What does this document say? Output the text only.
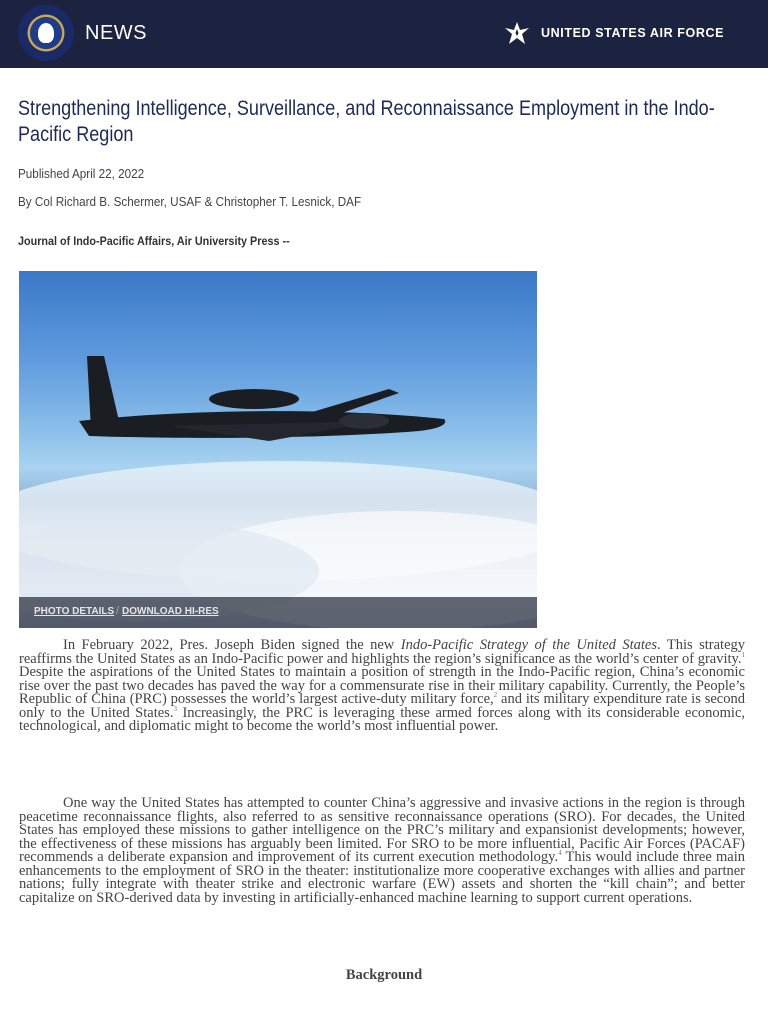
NEWS	UNITED STATES AIR FORCE
Strengthening Intelligence, Surveillance, and Reconnaissance Employment in the Indo-Pacific Region
Published April 22, 2022
By Col Richard B. Schermer, USAF & Christopher T. Lesnick, DAF
Journal of Indo-Pacific Affairs, Air University Press --
PHOTO DETAILS / DOWNLOAD HI-RES
In February 2022, Pres. Joseph Biden signed the new Indo-Pacific Strategy of the United States. This strategy reaffirms the United States as an Indo-Pacific power and highlights the region’s significance as the world’s center of gravity.$^1$ Despite the aspirations of the United States to maintain a position of strength in the Indo-Pacific region, China’s economic rise over the past two decades has paved the way for a commensurate rise in their military capability. Currently, the People’s Republic of China (PRC) possesses the world’s largest active-duty military force,$^2$ and its military expenditure rate is second only to the United States.$^3$ Increasingly, the PRC is leveraging these armed forces along with its considerable economic, technological, and diplomatic might to become the world’s most influential power.
One way the United States has attempted to counter China’s aggressive and invasive actions in the region is through peacetime reconnaissance flights, also referred to as sensitive reconnaissance operations (SRO). For decades, the United States has employed these missions to gather intelligence on the PRC’s military and expansionist developments; however, the effectiveness of these missions has arguably been limited. For SRO to be more influential, Pacific Air Forces (PACAF) recommends a deliberate expansion and improvement of its current execution methodology.$^4$ This would include three main enhancements to the employment of SRO in the theater: institutionalize more cooperative exchanges with allies and partner nations; fully integrate with theater strike and electronic warfare (EW) assets and shorten the “kill chain”; and better capitalize on SRO-derived data by investing in artificially-enhanced machine learning to support current operations.
Background
